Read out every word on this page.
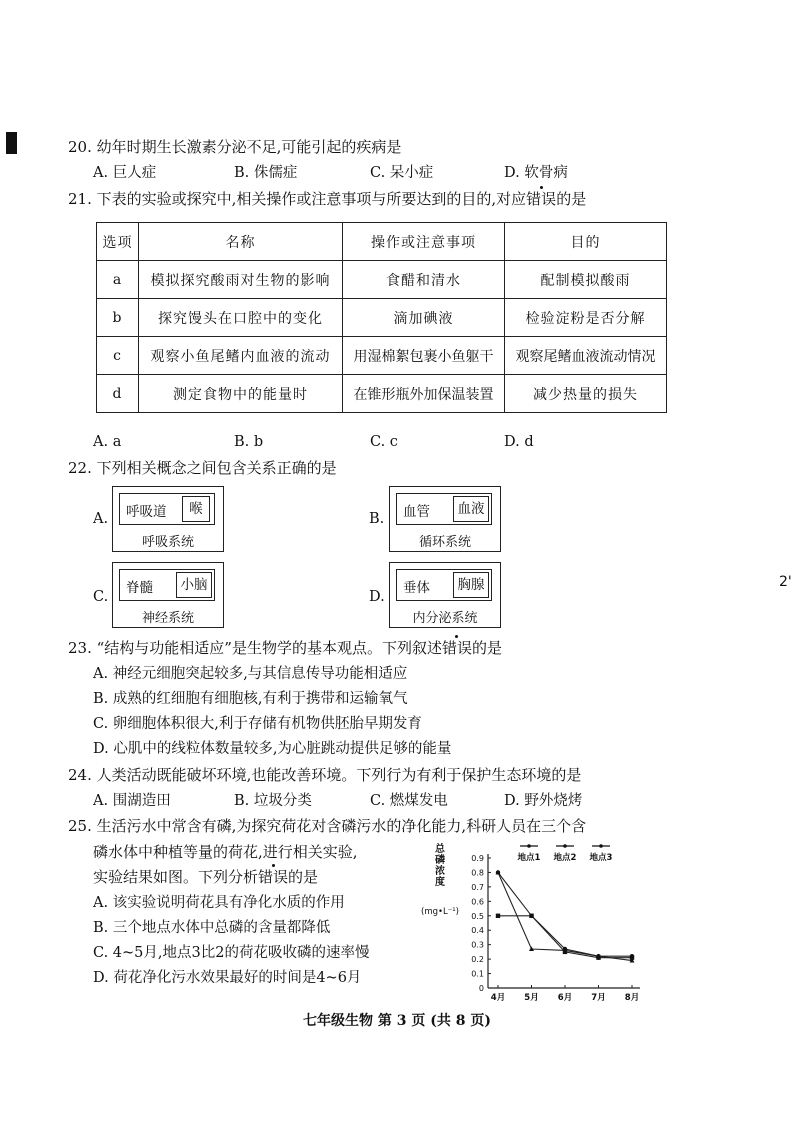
2'
20. 幼年时期生长激素分泌不足,可能引起的疾病是
A. 巨人症	B. 侏儒症	C. 呆小症	D. 软骨病
21. 下表的实验或探究中,相关操作或注意事项与所要达到的目的,对应错误的是
选项	名称	操作或注意事项	目的
a	模拟探究酸雨对生物的影响	食醋和清水	配制模拟酸雨
b	探究馒头在口腔中的变化	滴加碘液	检验淀粉是否分解
c	观察小鱼尾鳍内血液的流动	用湿棉絮包裹小鱼躯干	观察尾鳍血液流动情况
d	测定食物中的能量时	在锥形瓶外加保温装置	减少热量的损失
A. a	B. b	C. c	D. d
22. 下列相关概念之间包含关系正确的是
A. 呼吸道	喉
呼吸系统
B. 血管	血液
循环系统
C.
脊髓	小脑
神经系统
D.
垂体	胸腺
内分泌系统
23. “结构与功能相适应”是生物学的基本观点。下列叙述错误的是
A. 神经元细胞突起较多,与其信息传导功能相适应
B. 成熟的红细胞有细胞核,有利于携带和运输氧气
C. 卵细胞体积很大,利于存储有机物供胚胎早期发育
D. 心肌中的线粒体数量较多,为心脏跳动提供足够的能量
24. 人类活动既能破坏环境,也能改善环境。下列行为有利于保护生态环境的是
A. 围湖造田	B. 垃圾分类	C. 燃煤发电	D. 野外烧烤
25. 生活污水中常含有磷,为探究荷花对含磷污水的净化能力,科研人员在三个含
磷水体中种植等量的荷花,进行相关实验,
实验结果如图。下列分析错误的是
A. 该实验说明荷花具有净化水质的作用
B. 三个地点水体中总磷的含量都降低
C. 4~5月,地点3比2的荷花吸收磷的速率慢
D. 荷花净化污水效果最好的时间是4~6月
0
0.1
0.2
0.3
0.4
0.5
0.6
0.7
0.8
0.9
4月 5月 6月 7月 8月
总
磷
浓
度
(mg•L⁻¹)
地点1 地点2 地点3
七年级生物 第 3 页 (共 8 页)
